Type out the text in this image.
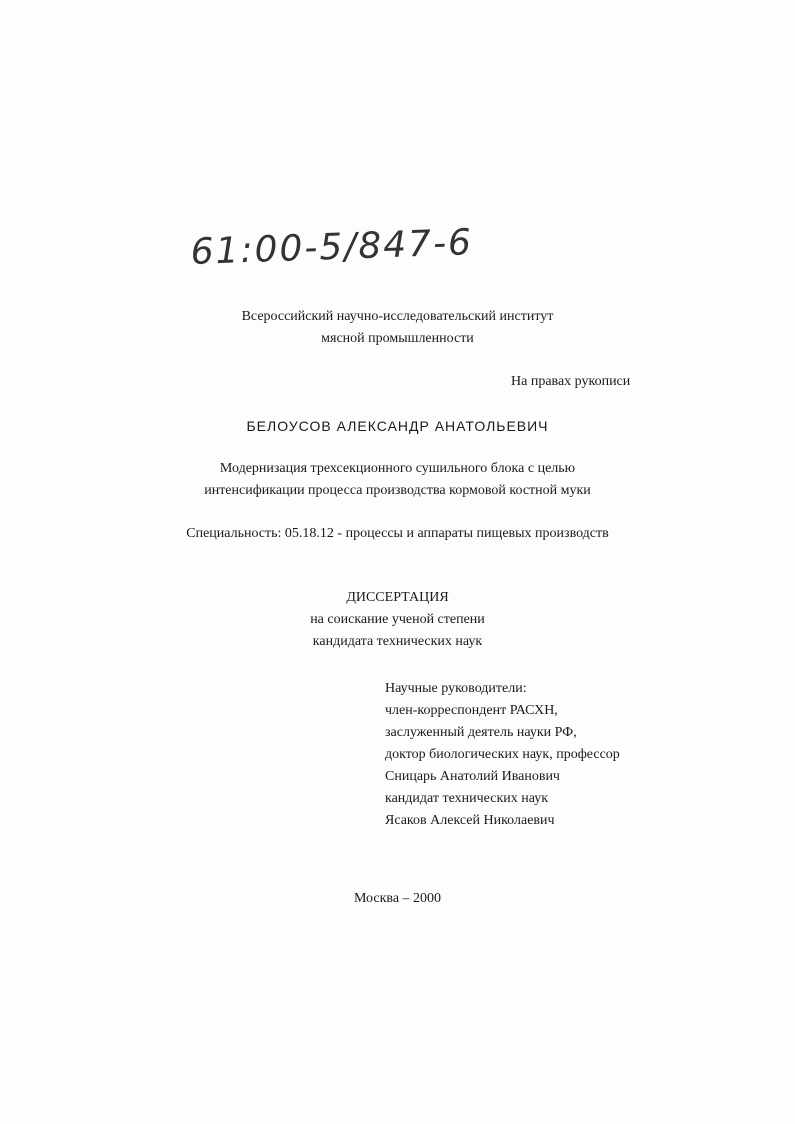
61:00-5/847-6
Всероссийский научно-исследовательский институт
мясной промышленности
На правах рукописи
БЕЛОУСОВ АЛЕКСАНДР АНАТОЛЬЕВИЧ
Модернизация трехсекционного сушильного блока с целью
интенсификации процесса производства кормовой костной муки
Специальность: 05.18.12 - процессы и аппараты пищевых производств
ДИССЕРТАЦИЯ
на соискание ученой степени
кандидата технических наук
Научные руководители:
член-корреспондент РАСХН,
заслуженный деятель науки РФ,
доктор биологических наук, профессор
Сницарь Анатолий Иванович
кандидат технических наук
Ясаков Алексей Николаевич
Москва – 2000
